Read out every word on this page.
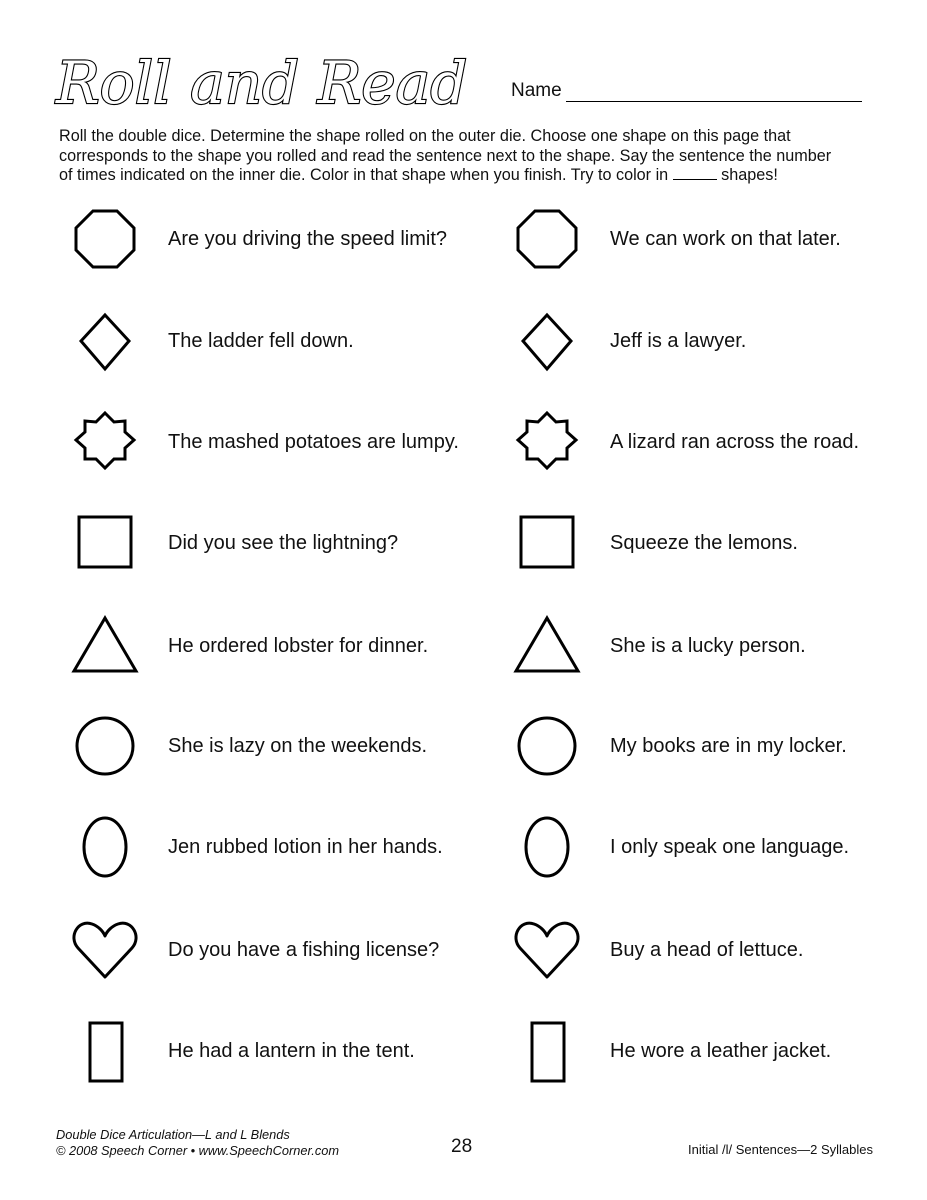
Roll and Read Name
Roll the double dice. Determine the shape rolled on the outer die. Choose one shape on this page that
corresponds to the shape you rolled and read the sentence next to the shape. Say the sentence the number
of times indicated on the inner die. Color in that shape when you finish. Try to color in	shapes!
Are you driving the speed limit?	We can work on that later.
The ladder fell down.	Jeff is a lawyer.
The mashed potatoes are lumpy.	A lizard ran across the road.
Did you see the lightning?	Squeeze the lemons.
He ordered lobster for dinner.	She is a lucky person.
She is lazy on the weekends.	My books are in my locker.
Jen rubbed lotion in her hands.	I only speak one language.
Do you have a fishing license?	Buy a head of lettuce.
He had a lantern in the tent.	He wore a leather jacket.
Double Dice Articulation—L and L Blends
© 2008 Speech Corner • www.SpeechCorner.com	28	Initial /l/ Sentences—2 Syllables
